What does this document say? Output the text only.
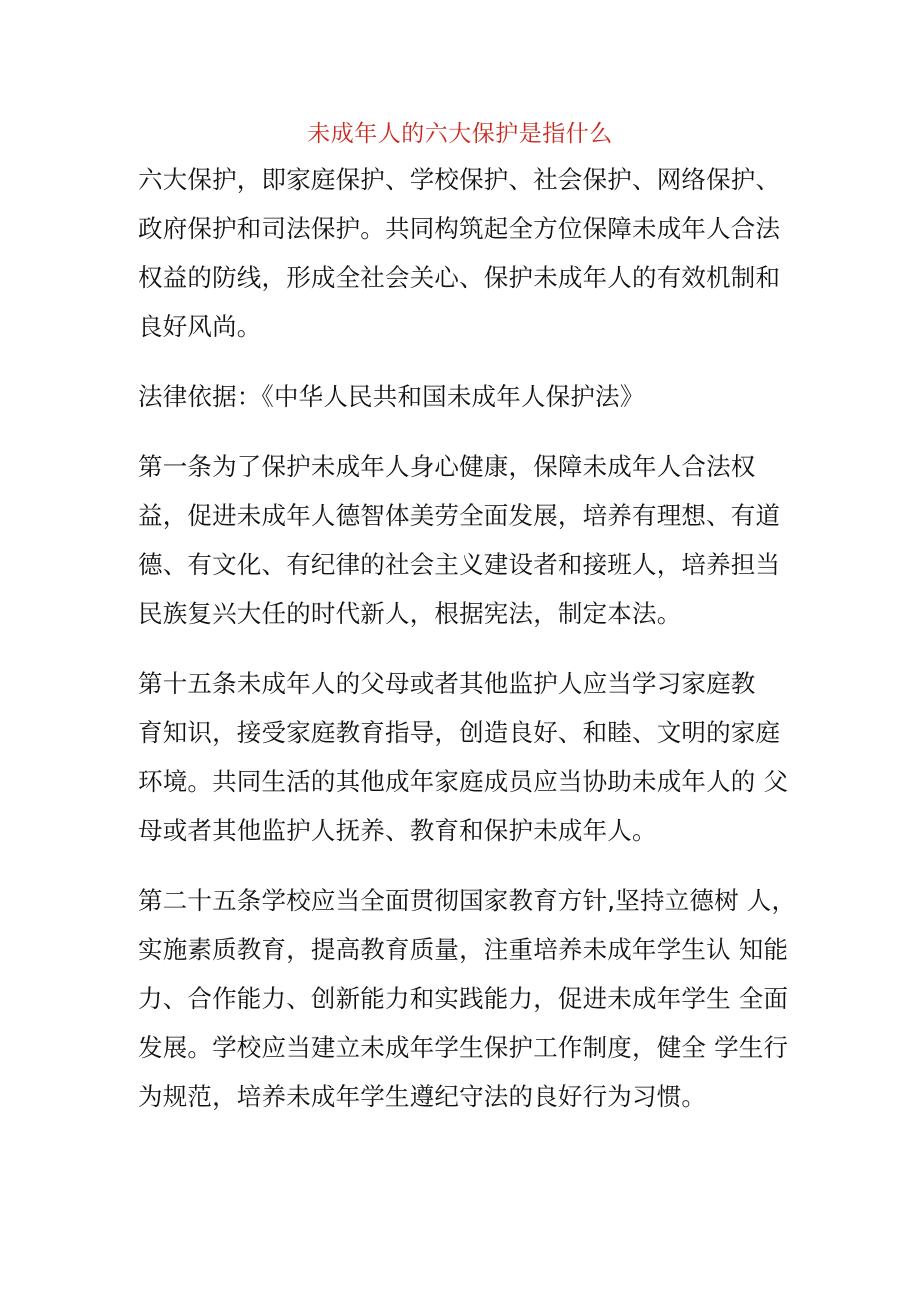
未成年人的六大保护是指什么
六大保护，即家庭保护、学校保护、社会保护、网络保护、
政府保护和司法保护。共同构筑起全方位保障未成年人合法
权益的防线，形成全社会关心、保护未成年人的有效机制和
良好风尚。
法律依据：《中华人民共和国未成年人保护法》
第一条为了保护未成年人身心健康，保障未成年人合法权
益，促进未成年人德智体美劳全面发展，培养有理想、有道
德、有文化、有纪律的社会主义建设者和接班人，培养担当
民族复兴大任的时代新人，根据宪法，制定本法。
第十五条未成年人的父母或者其他监护人应当学习家庭教
育知识，接受家庭教育指导，创造良好、和睦、文明的家庭
环境。共同生活的其他成年家庭成员应当协助未成年人的 父
母或者其他监护人抚养、教育和保护未成年人。
第二十五条学校应当全面贯彻国家教育方针,坚持立德树 人，
实施素质教育，提高教育质量，注重培养未成年学生认 知能
力、合作能力、创新能力和实践能力，促进未成年学生 全面
发展。学校应当建立未成年学生保护工作制度，健全 学生行
为规范，培养未成年学生遵纪守法的良好行为习惯。
